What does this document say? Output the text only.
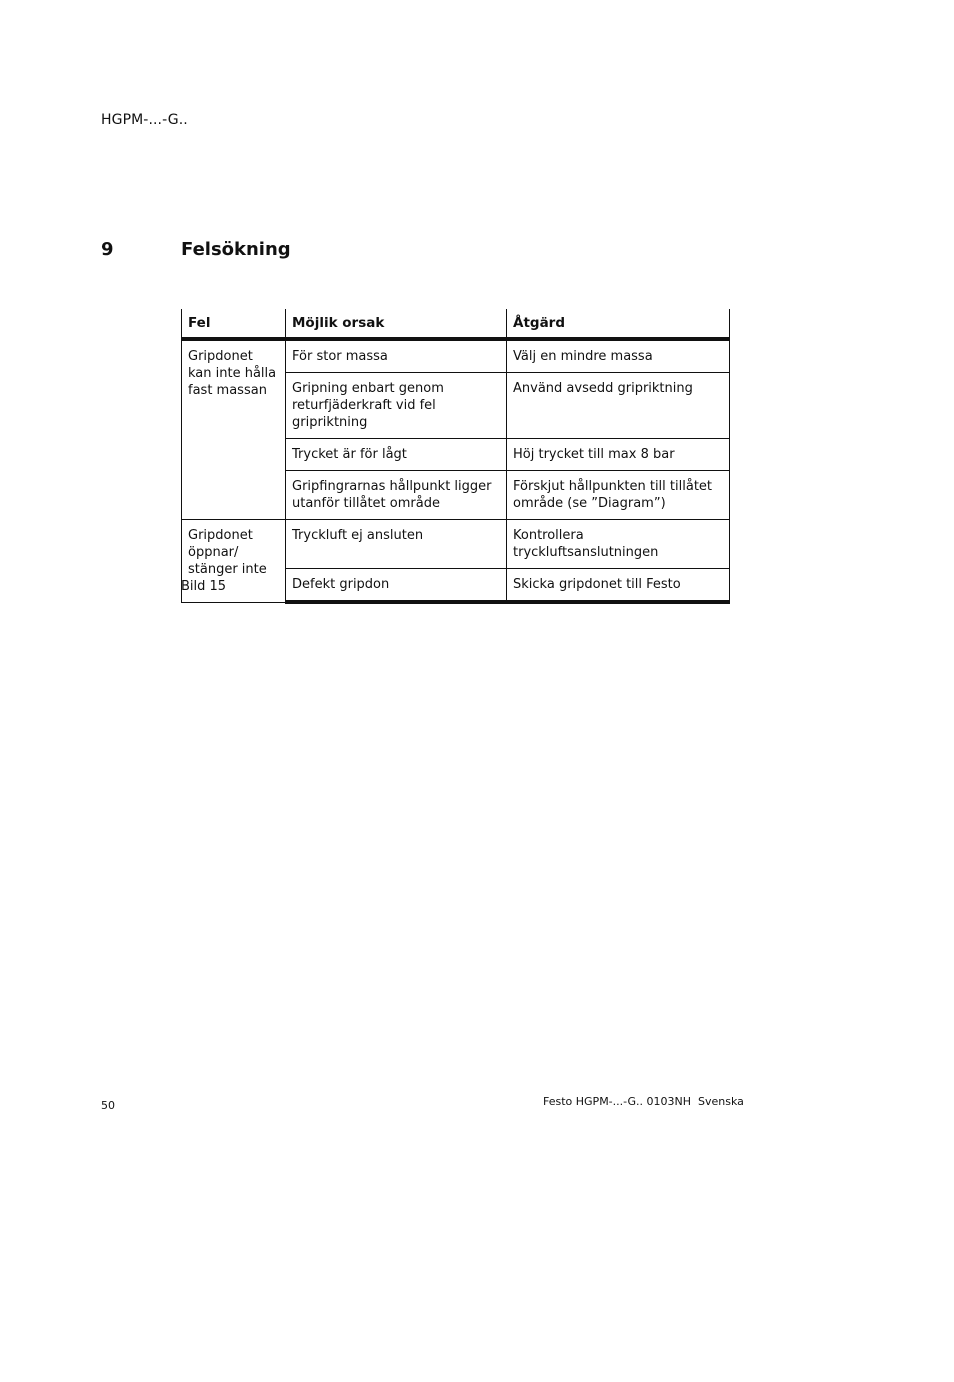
HGPM-...-G..
9	Felsökning
Fel	Möjlik orsak	Åtgärd
Gripdonet kan inte hålla fast massan	För stor massa	Välj en mindre massa
	Gripning enbart genom returfjäderkraft vid fel gripriktning	Använd avsedd gripriktning
	Trycket är för lågt	Höj trycket till max 8 bar
	Gripfingrarnas hållpunkt ligger utanför tillåtet område	Förskjut hållpunkten till tillåtet område (se ”Diagram”)
Gripdonet öppnar/ stänger inte	Tryckluft ej ansluten	Kontrollera tryckluftsanslutningen
	Defekt gripdon	Skicka gripdonet till Festo
Bild 15
50	Festo HGPM-...-G.. 0103NH  Svenska
